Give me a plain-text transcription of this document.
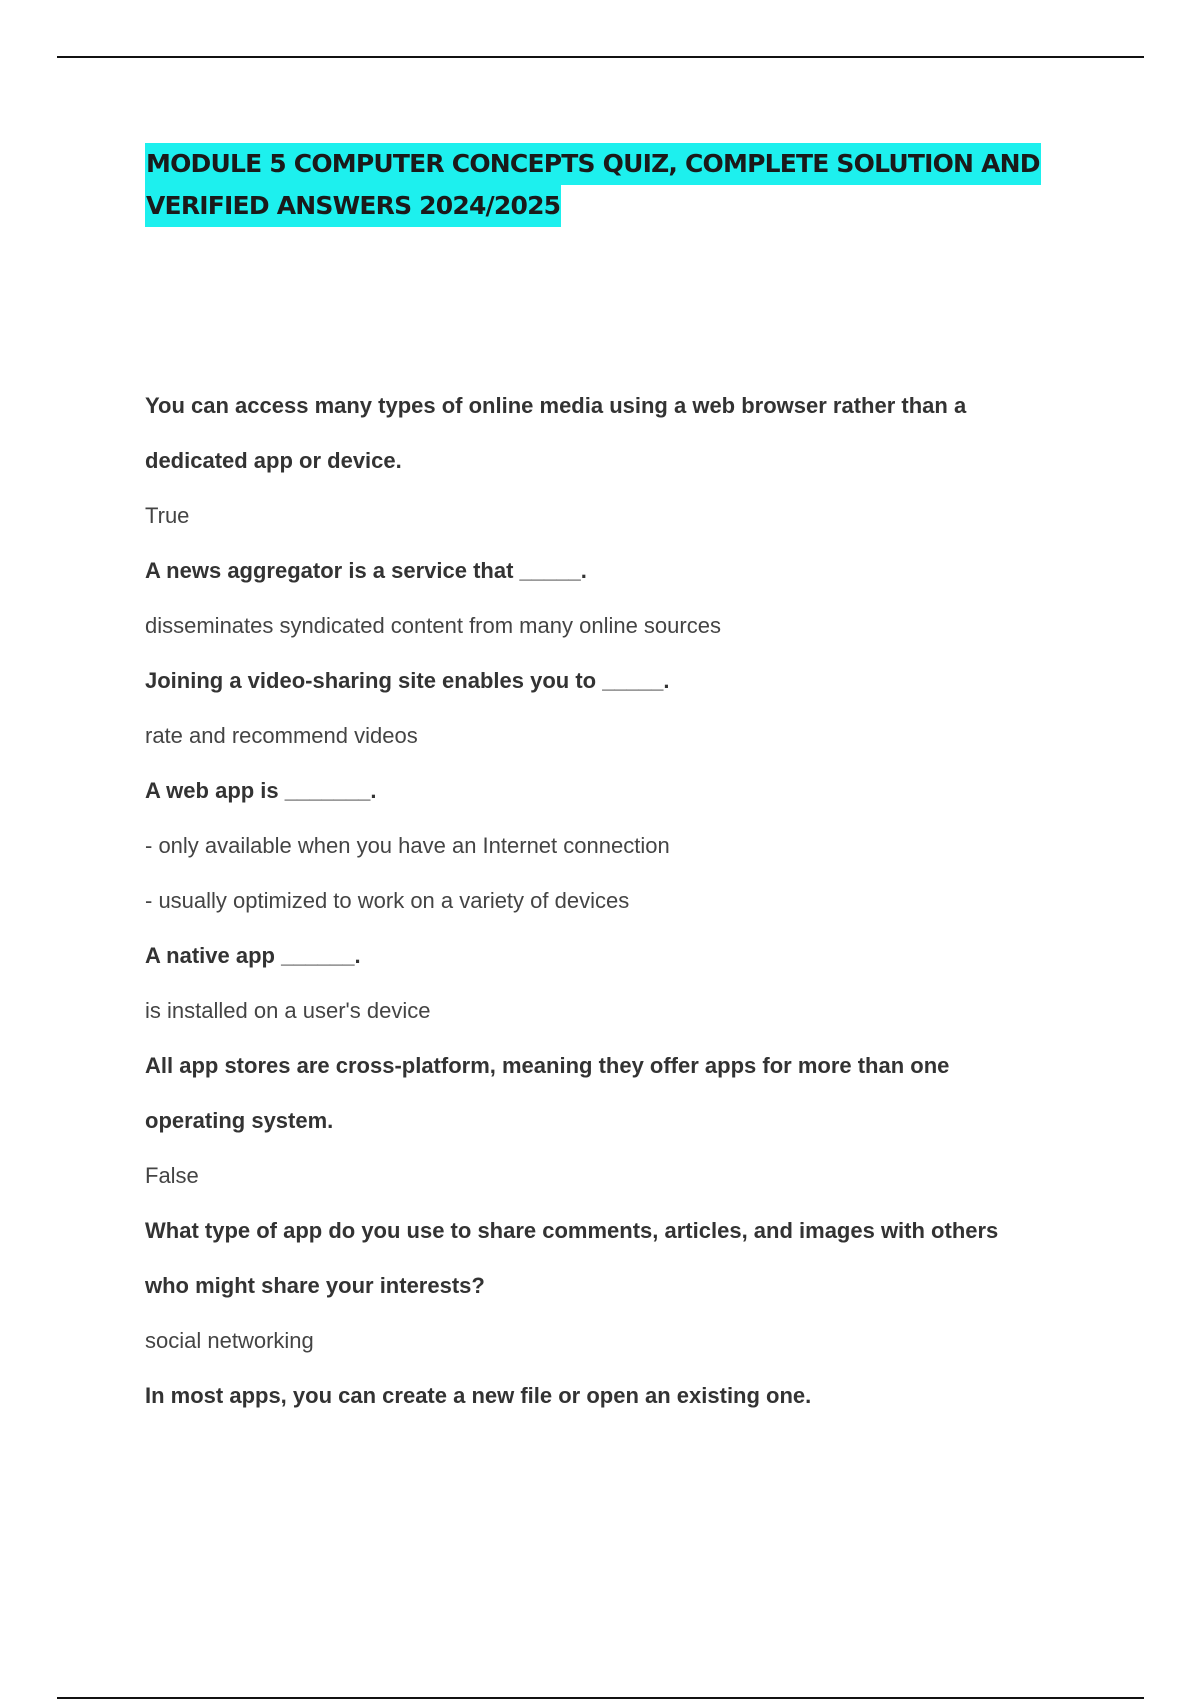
MODULE 5 COMPUTER CONCEPTS QUIZ, COMPLETE SOLUTION AND
VERIFIED ANSWERS 2024/2025

You can access many types of online media using a web browser rather than a

dedicated app or device.

True

A news aggregator is a service that _____.

disseminates syndicated content from many online sources

Joining a video-sharing site enables you to _____.

rate and recommend videos

A web app is _______.

- only available when you have an Internet connection

- usually optimized to work on a variety of devices

A native app ______.

is installed on a user's device

All app stores are cross-platform, meaning they offer apps for more than one

operating system.

False

What type of app do you use to share comments, articles, and images with others

who might share your interests?

social networking

In most apps, you can create a new file or open an existing one.
